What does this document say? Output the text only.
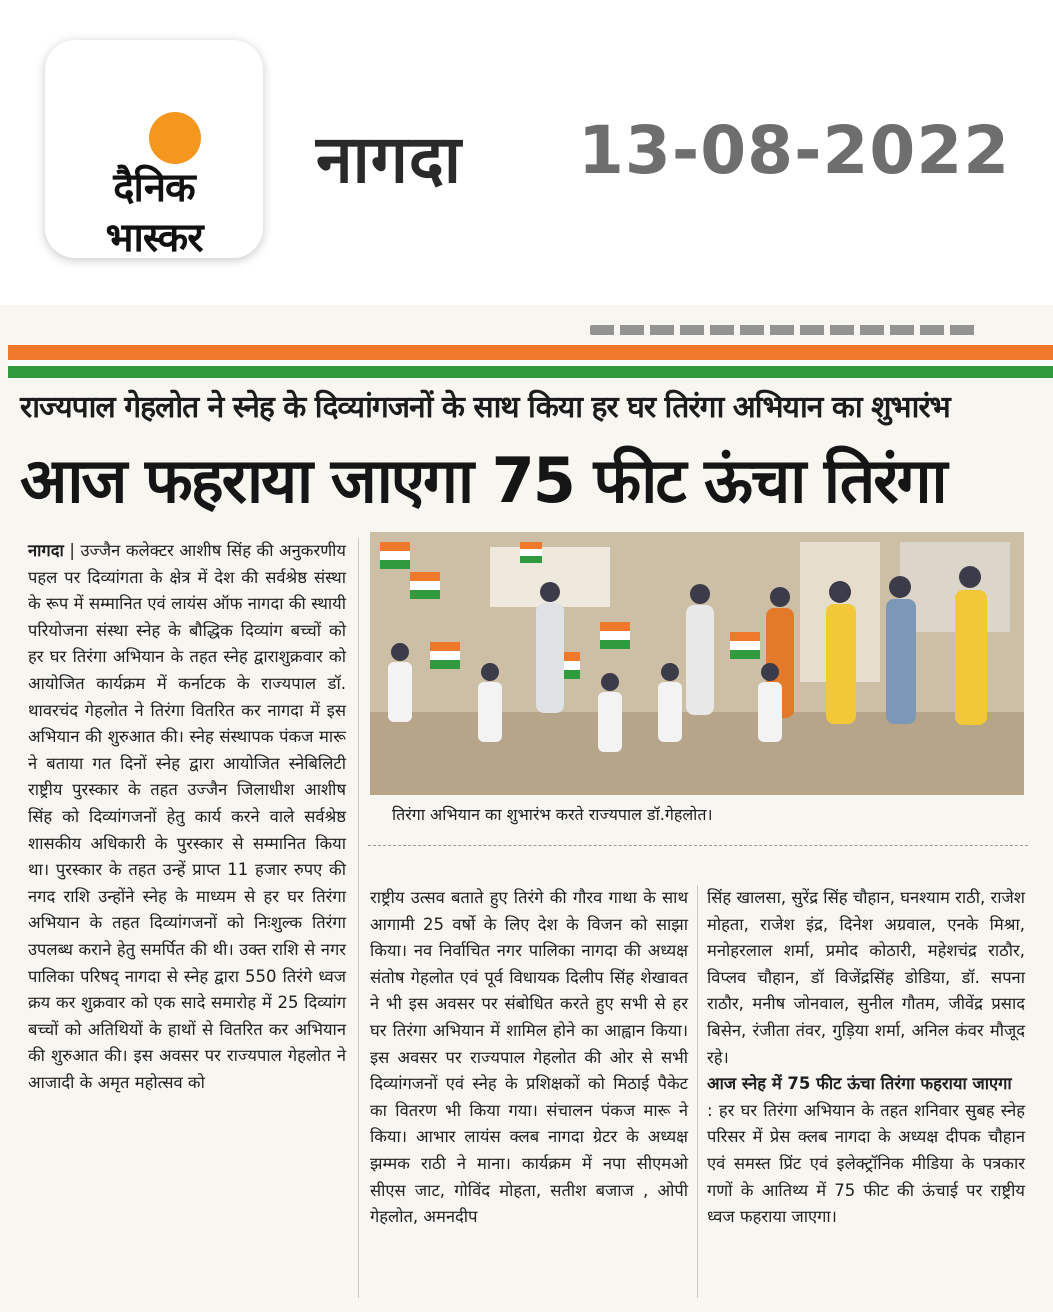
दैनिक
भास्कर
नागदा 13-08-2022
राज्यपाल गेहलोत ने स्नेह के दिव्यांगजनों के साथ किया हर घर तिरंगा अभियान का शुभारंभ
आज फहराया जाएगा 75 फीट ऊंचा तिरंगा
नागदा | उज्जैन कलेक्टर आशीष सिंह की अनुकरणीय पहल पर दिव्यांगता के क्षेत्र में देश की सर्वश्रेष्ठ संस्था के रूप में सम्मानित एवं लायंस ऑफ नागदा की स्थायी परियोजना संस्था स्नेह के बौद्धिक दिव्यांग बच्चों को हर घर तिरंगा अभियान के तहत स्नेह द्वाराशुक्रवार को आयोजित कार्यक्रम में कर्नाटक के राज्यपाल डॉ. थावरचंद गेहलोत ने तिरंगा वितरित कर नागदा में इस अभियान की शुरुआत की। स्नेह संस्थापक पंकज मारू ने बताया गत दिनों स्नेह द्वारा आयोजित स्नेबिलिटी राष्ट्रीय पुरस्कार के तहत उज्जैन जिलाधीश आशीष सिंह को दिव्यांगजनों हेतु कार्य करने वाले सर्वश्रेष्ठ शासकीय अधिकारी के पुरस्कार से सम्मानित किया था। पुरस्कार के तहत उन्हें प्राप्त 11 हजार रुपए की नगद राशि उन्होंने स्नेह के माध्यम से हर घर तिरंगा अभियान के तहत दिव्यांगजनों को निःशुल्क तिरंगा उपलब्ध कराने हेतु समर्पित की थी। उक्त राशि से नगर पालिका परिषद् नागदा से स्नेह द्वारा 550 तिरंगे ध्वज क्रय कर शुक्रवार को एक सादे समारोह में 25 दिव्यांग बच्चों को अतिथियों के हाथों से वितरित कर अभियान की शुरुआत की। इस अवसर पर राज्यपाल गेहलोत ने आजादी के अमृत महोत्सव को
तिरंगा अभियान का शुभारंभ करते राज्यपाल डॉ.गेहलोत।
राष्ट्रीय उत्सव बताते हुए तिरंगे की गौरव गाथा के साथ आगामी 25 वर्षो के लिए देश के विजन को साझा किया। नव निर्वाचित नगर पालिका नागदा की अध्यक्ष संतोष गेहलोत एवं पूर्व विधायक दिलीप सिंह शेखावत ने भी इस अवसर पर संबोधित करते हुए सभी से हर घर तिरंगा अभियान में शामिल होने का आह्वान किया। इस अवसर पर राज्यपाल गेहलोत की ओर से सभी दिव्यांगजनों एवं स्नेह के प्रशिक्षकों को मिठाई पैकेट का वितरण भी किया गया। संचालन पंकज मारू ने किया। आभार लायंस क्लब नागदा ग्रेटर के अध्यक्ष झम्मक राठी ने माना। कार्यक्रम में नपा सीएमओ सीएस जाट, गोविंद मोहता, सतीश बजाज , ओपी गेहलोत, अमनदीप
सिंह खालसा, सुरेंद्र सिंह चौहान, घनश्याम राठी, राजेश मोहता, राजेश इंद्र, दिनेश अग्रवाल, एनके मिश्रा, मनोहरलाल शर्मा, प्रमोद कोठारी, महेशचंद्र राठौर, विप्लव चौहान, डॉ विजेंद्रसिंह डोडिया, डॉ. सपना राठौर, मनीष जोनवाल, सुनील गौतम, जीवेंद्र प्रसाद बिसेन, रंजीता तंवर, गुड़िया शर्मा, अनिल कंवर मौजूद रहे।
आज स्नेह में 75 फीट ऊंचा तिरंगा फहराया जाएगा
: हर घर तिरंगा अभियान के तहत शनिवार सुबह स्नेह परिसर में प्रेस क्लब नागदा के अध्यक्ष दीपक चौहान एवं समस्त प्रिंट एवं इलेक्ट्रॉनिक मीडिया के पत्रकार गणों के आतिथ्य में 75 फीट की ऊंचाई पर राष्ट्रीय ध्वज फहराया जाएगा।
